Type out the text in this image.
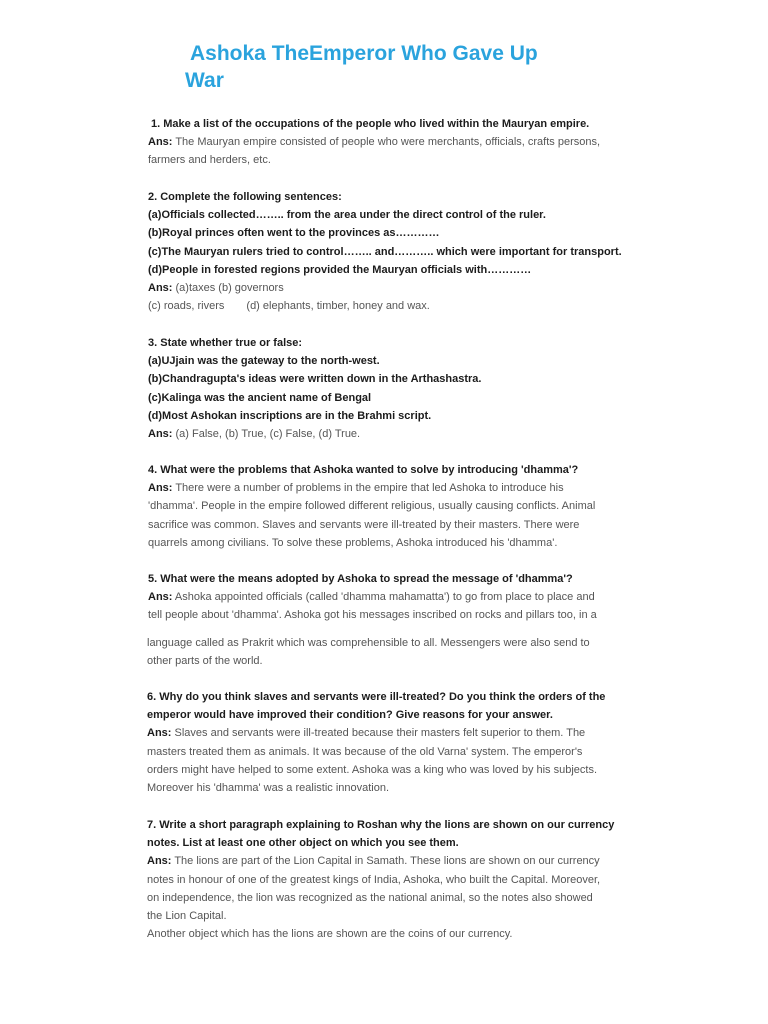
Ashoka TheEmperor Who Gave Up
War
1. Make a list of the occupations of the people who lived within the Mauryan empire.
Ans: The Mauryan empire consisted of people who were merchants, officials, crafts persons,
farmers and herders, etc.
2. Complete the following sentences:
(a)Officials collected…….. from the area under the direct control of the ruler.
(b)Royal princes often went to the provinces as…………
(c)The Mauryan rulers tried to control…….. and……….. which were important for transport.
(d)People in forested regions provided the Mauryan officials with…………
Ans: (a)taxes (b) governors
(c) roads, rivers (d) elephants, timber, honey and wax.
3. State whether true or false:
(a)UJjain was the gateway to the north-west.
(b)Chandragupta's ideas were written down in the Arthashastra.
(c)Kalinga was the ancient name of Bengal
(d)Most Ashokan inscriptions are in the Brahmi script.
Ans: (a) False, (b) True, (c) False, (d) True.
4. What were the problems that Ashoka wanted to solve by introducing 'dhamma'?
Ans: There were a number of problems in the empire that led Ashoka to introduce his
'dhamma'. People in the empire followed different religious, usually causing conflicts. Animal
sacrifice was common. Slaves and servants were ill-treated by their masters. There were
quarrels among civilians. To solve these problems, Ashoka introduced his 'dhamma'.
5. What were the means adopted by Ashoka to spread the message of 'dhamma'?
Ans: Ashoka appointed officials (called 'dhamma mahamatta') to go from place to place and
tell people about 'dhamma'. Ashoka got his messages inscribed on rocks and pillars too, in a
language called as Prakrit which was comprehensible to all. Messengers were also send to
other parts of the world.
6. Why do you think slaves and servants were ill-treated? Do you think the orders of the
emperor would have improved their condition? Give reasons for your answer.
Ans: Slaves and servants were ill-treated because their masters felt superior to them. The
masters treated them as animals. It was because of the old Varna' system. The emperor's
orders might have helped to some extent. Ashoka was a king who was loved by his subjects.
Moreover his 'dhamma' was a realistic innovation.
7. Write a short paragraph explaining to Roshan why the lions are shown on our currency
notes. List at least one other object on which you see them.
Ans: The lions are part of the Lion Capital in Samath. These lions are shown on our currency
notes in honour of one of the greatest kings of India, Ashoka, who built the Capital. Moreover,
on independence, the lion was recognized as the national animal, so the notes also showed
the Lion Capital.
Another object which has the lions are shown are the coins of our currency.
